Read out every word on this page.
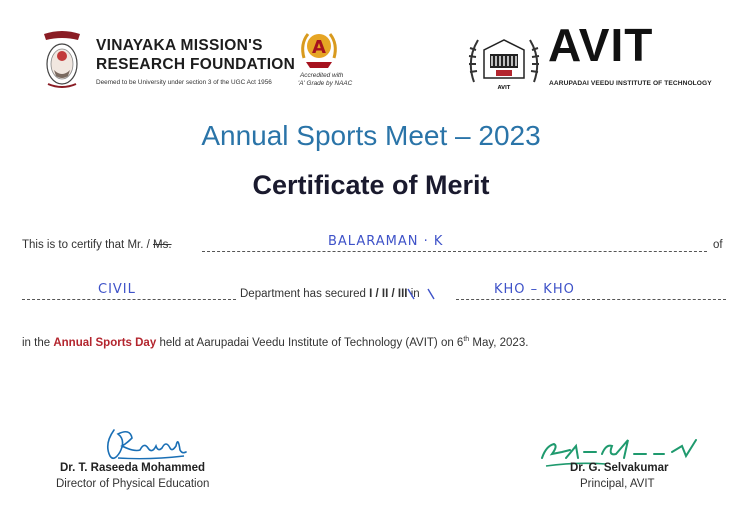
VINAYAKA MISSION'S
RESEARCH FOUNDATION
Deemed to be University under section 3 of the UGC Act 1956
A
Accredited with
'A' Grade by NAAC
AVIT
AVIT
AARUPADAI VEEDU INSTITUTE OF TECHNOLOGY
Annual Sports Meet – 2023
Certificate of Merit
This is to certify that Mr. / Ms.	BALARAMAN · K	of
CIVIL	Department has secured I / II / III in	KHO – KHO
in the Annual Sports Day held at Aarupadai Veedu Institute of Technology (AVIT) on 6th May, 2023.
Dr. T. Raseeda Mohammed
Director of Physical Education
Dr. G. Selvakumar
Principal, AVIT
